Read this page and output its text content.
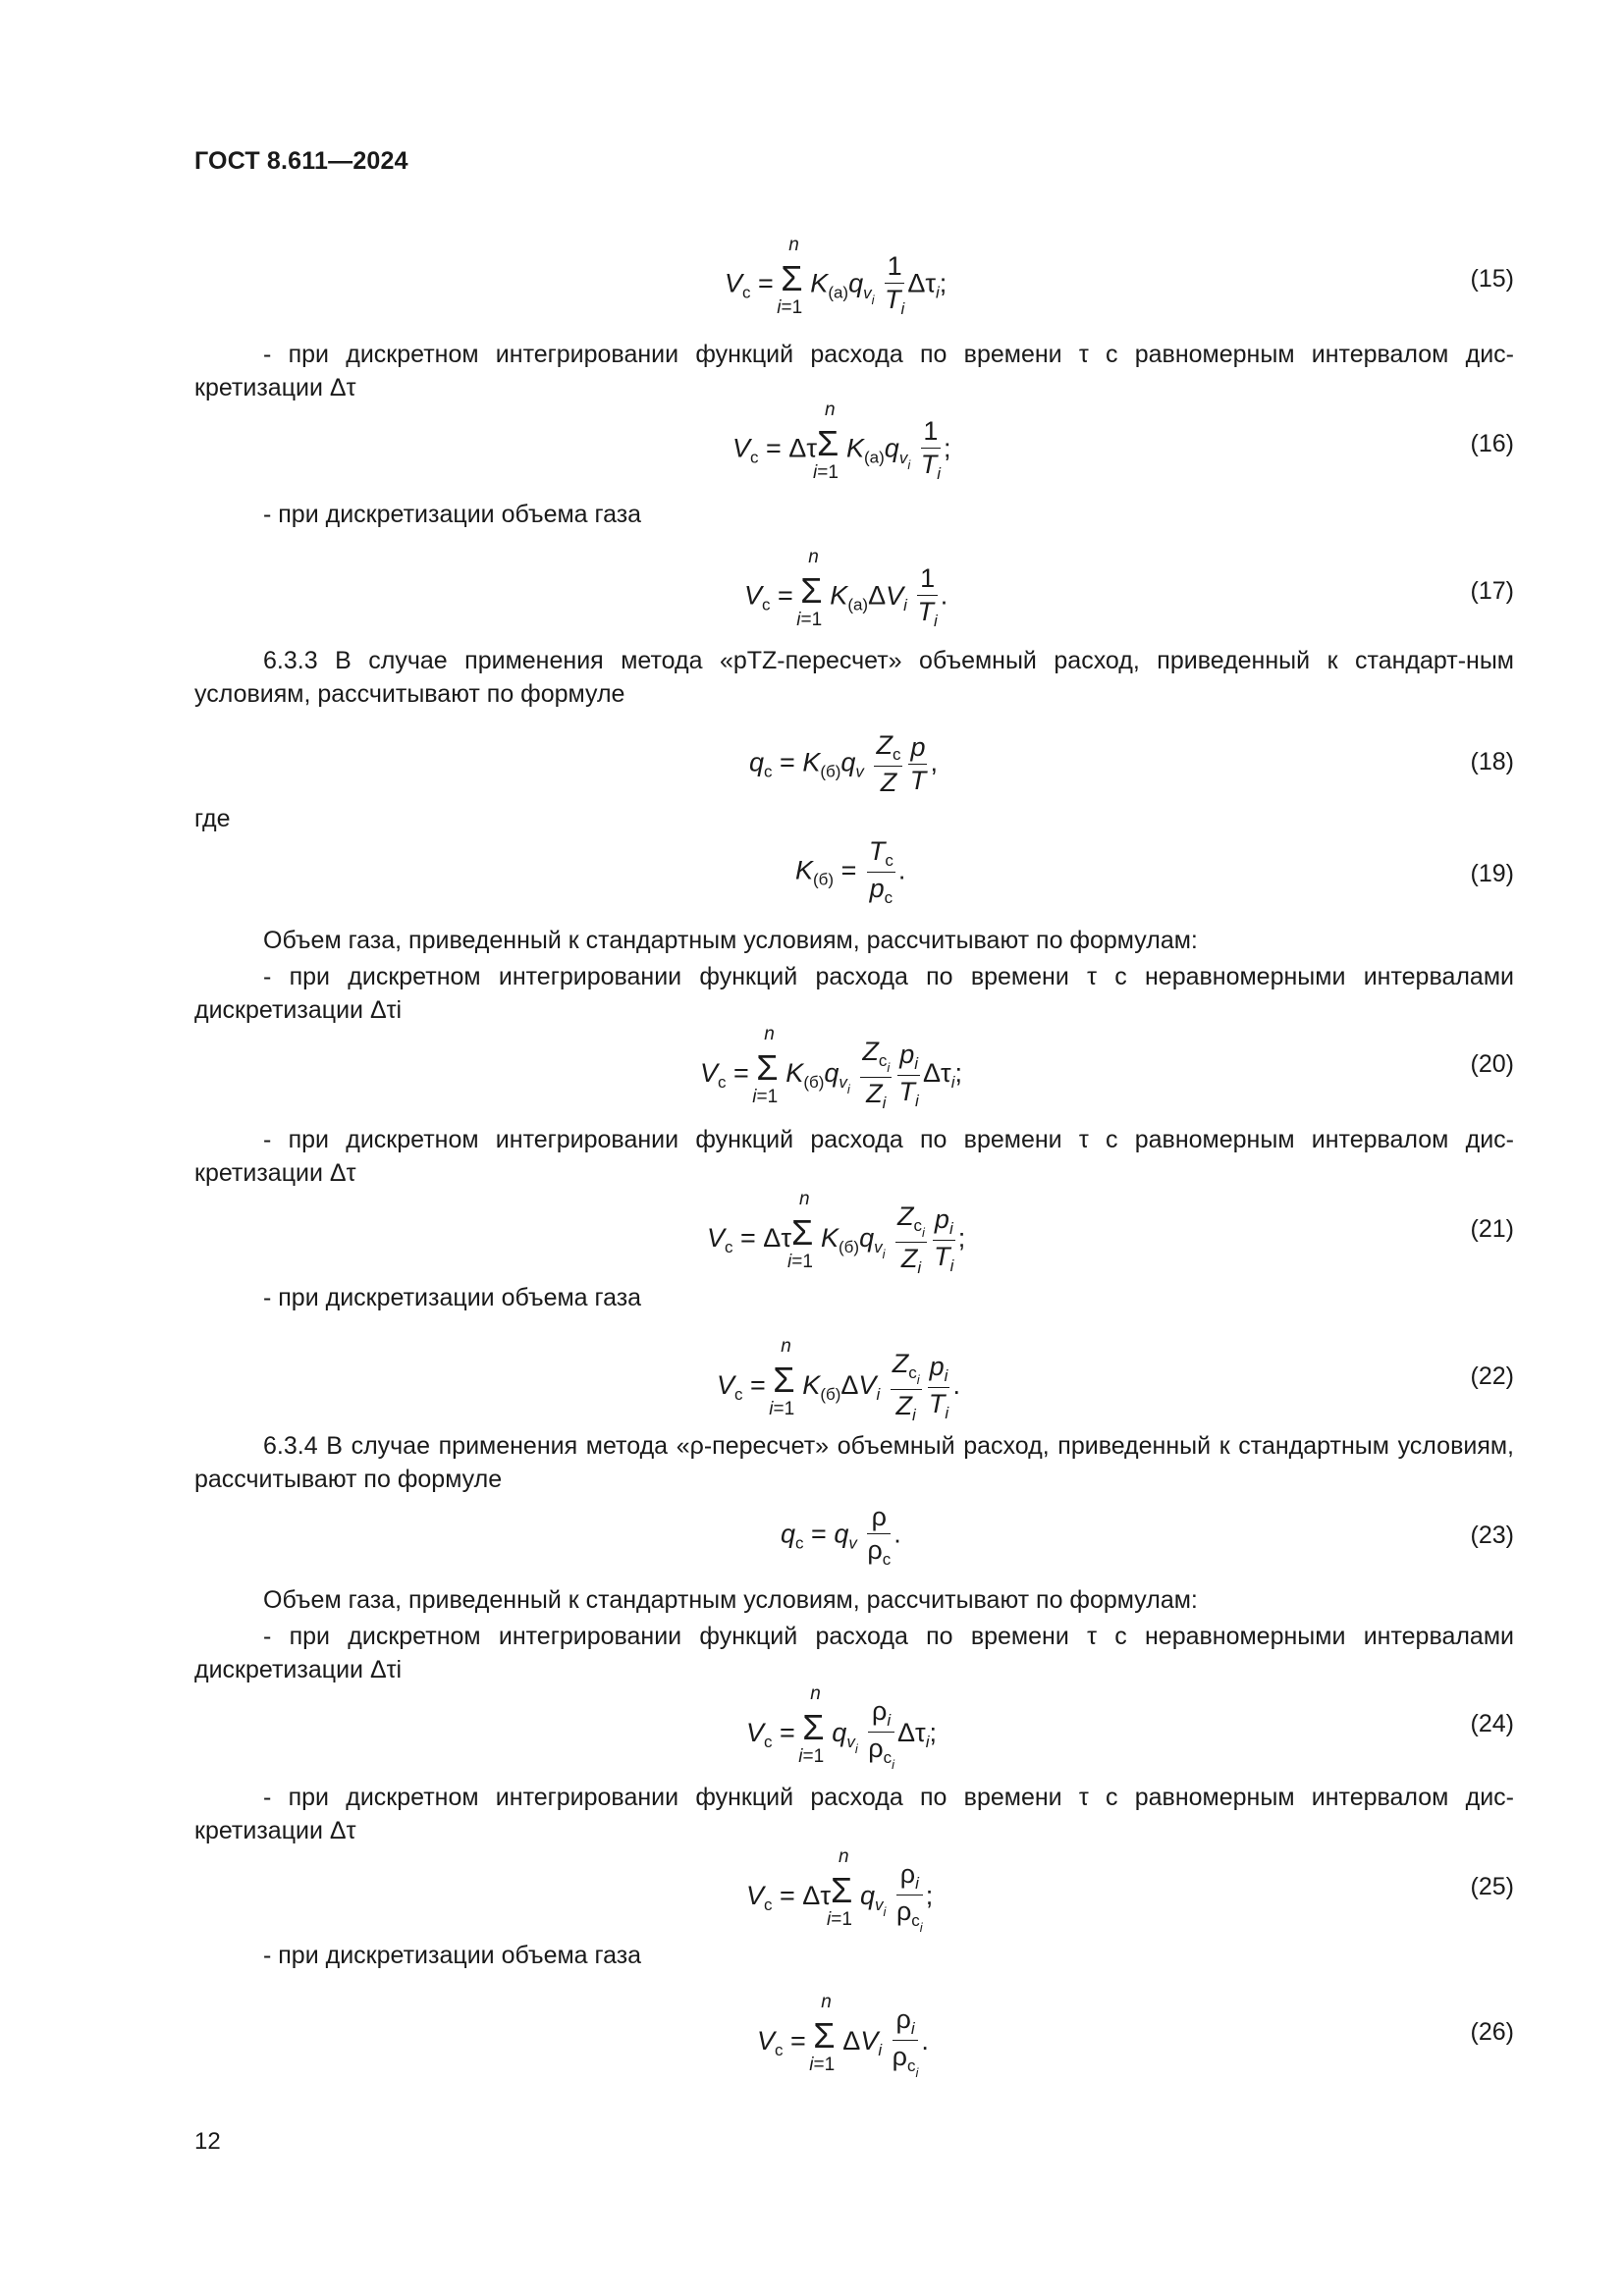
ГОСТ 8.611—2024
$V_с = \Sigma$
n
i=1
$K_{(а)}q_{v_i} \frac{1}{T_i} \Delta\tau_i$;	(15)
- при дискретном интегрировании функций расхода по времени τ с равномерным интервалом дис-кретизации Δτ
$V_с = \Delta\tau$ Σ
n
i=1
$K_{(а)}q_{v_i} \frac{1}{T_i}$ ;	(16)
- при дискретизации объема газа
$V_с = \Sigma$
n
i=1
$K_{(а)}\Delta V_i \frac{1}{T_i}$ .	(17)
6.3.3 В случае применения метода «pTZ-пересчет» объемный расход, приведенный к стандарт-ным условиям, рассчитывают по формуле
$q_с = K_{(б)}q_v \frac{Z_с}{Z} \frac{p}{T}$ ,	(18)
где
$K_{(б)} = \frac{T_с}{p_с}$ .	(19)
Объем газа, приведенный к стандартным условиям, рассчитывают по формулам:
- при дискретном интегрировании функций расхода по времени τ с неравномерными интервалами дискретизации Δτi
$V_с = \Sigma$
n
i=1
$K_{(б)}q_{v_i} \frac{Z_{с_i}}{Z_i} \frac{p_i}{T_i} \Delta\tau_i$;	(20)
- при дискретном интегрировании функций расхода по времени τ с равномерным интервалом дис-кретизации Δτ
$V_с = \Delta\tau$ Σ
n
i=1
$K_{(б)}q_{v_i} \frac{Z_{с_i}}{Z_i} \frac{p_i}{T_i}$ ;	(21)
- при дискретизации объема газа
$V_с = \Sigma$
n
i=1
$K_{(б)}\Delta V_i \frac{Z_{с_i}}{Z_i} \frac{p_i}{T_i}$ .	(22)
6.3.4 В случае применения метода «ρ-пересчет» объемный расход, приведенный к стандартным условиям, рассчитывают по формуле
$q_с = q_v \frac{\rho}{\rho_с}$ .	(23)
Объем газа, приведенный к стандартным условиям, рассчитывают по формулам:
- при дискретном интегрировании функций расхода по времени τ с неравномерными интервалами дискретизации Δτi
$V_с = \Sigma$
n
i=1
$q_{v_i} \frac{\rho_i}{\rho_{с_i}} \Delta\tau_i$;	(24)
- при дискретном интегрировании функций расхода по времени τ с равномерным интервалом дис-кретизации Δτ
$V_с = \Delta\tau$ Σ
n
i=1
$q_{v_i} \frac{\rho_i}{\rho_{с_i}}$ ;	(25)
- при дискретизации объема газа
$V_с = \Sigma$
n
i=1
$\Delta V_i \frac{\rho_i}{\rho_{с_i}}$ .	(26)
12
